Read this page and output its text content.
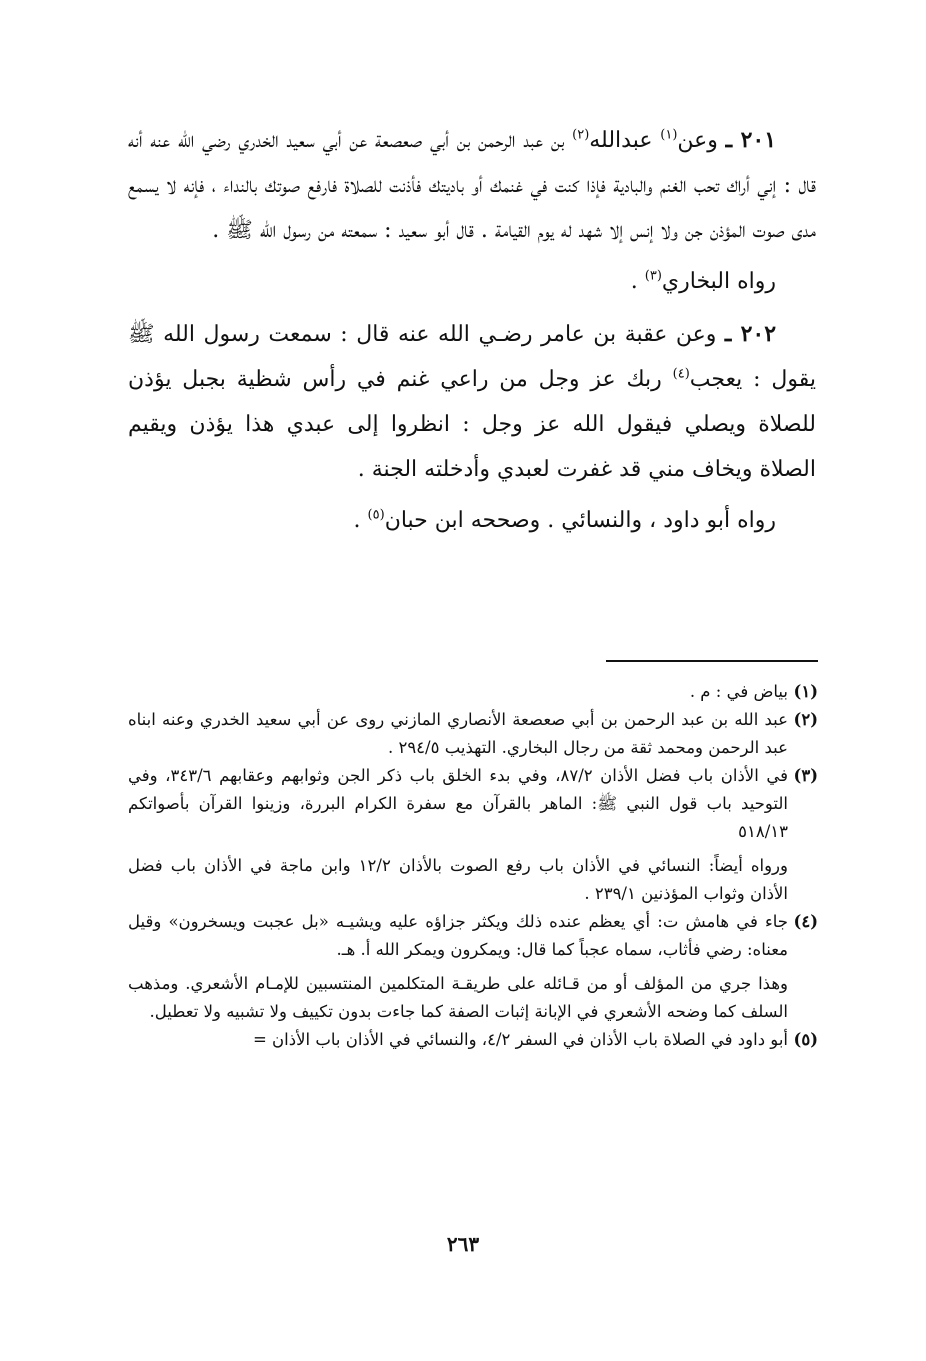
٢٠١ ـ وعن$^{(١)}$ عبدالله$^{(٢)}$ بن عبد الرحمن بن أبي صعصعة عن أبي سعيد الخدري رضي الله عنه أنه قال : إني أراك تحب الغنم والبادية فإذا كنت في غنمك أو باديتك فأذنت للصلاة فارفع صوتك بالنداء ، فإنه لا يسمع مدى صوت المؤذن جن ولا إنس إلا شهد له يوم القيامة . قال أبو سعيد : سمعته من رسول الله ﷺ .

رواه البخاري$^{(٣)}$ .

٢٠٢ ـ وعن عقبة بن عامر رضـي الله عنه قال : سمعت رسول الله ﷺ يقول : يعجب$^{(٤)}$ ربك عز وجل من راعي غنم في رأس شظية بجبل يؤذن للصلاة ويصلي فيقول الله عز وجل : انظروا إلى عبدي هذا يؤذن ويقيم الصلاة ويخاف مني قد غفرت لعبدي وأدخلته الجنة .

رواه أبو داود ، والنسائي . وصححه ابن حبان$^{(٥)}$ .

(١)
بياض في : م .

(٢)
عبد الله بن عبد الرحمن بن أبي صعصعة الأنصاري المازني روى عن أبي سعيد الخدري وعنه ابناه عبد الرحمن ومحمد ثقة من رجال البخاري. التهذيب ٢٩٤/٥ .

(٣)
في الأذان باب فضل الأذان ٨٧/٢، وفي بدء الخلق باب ذكر الجن وثوابهم وعقابهم ٣٤٣/٦، وفي التوحيد باب قول النبي ﷺ: الماهر بالقرآن مع سفرة الكرام البررة، وزينوا القرآن بأصواتكم ٥١٨/١٣

ورواه أيضاً: النسائي في الأذان باب رفع الصوت بالأذان ١٢/٢ وابن ماجة في الأذان باب فضل الأذان وثواب المؤذنين ٢٣٩/١ .

(٤)
جاء في هامش ت: أي يعظم عنده ذلك ويكثر جزاؤه عليه ويشيـه «بل عجبت ويسخرون» وقيل معناه: رضي فأثاب، سماه عجباً كما قال: ويمكرون ويمكر الله أ. هـ.

وهذا جري من المؤلف أو من قـائله على طريقـة المتكلمين المنتسبين للإمـام الأشعري. ومذهب السلف كما وضحه الأشعري في الإبانة إثبات الصفة كما جاءت بدون تكييف ولا تشبيه ولا تعطيل.

(٥)
أبو داود في الصلاة باب الأذان في السفر ٤/٢، والنسائي في الأذان باب الأذان =

٢٦٣
